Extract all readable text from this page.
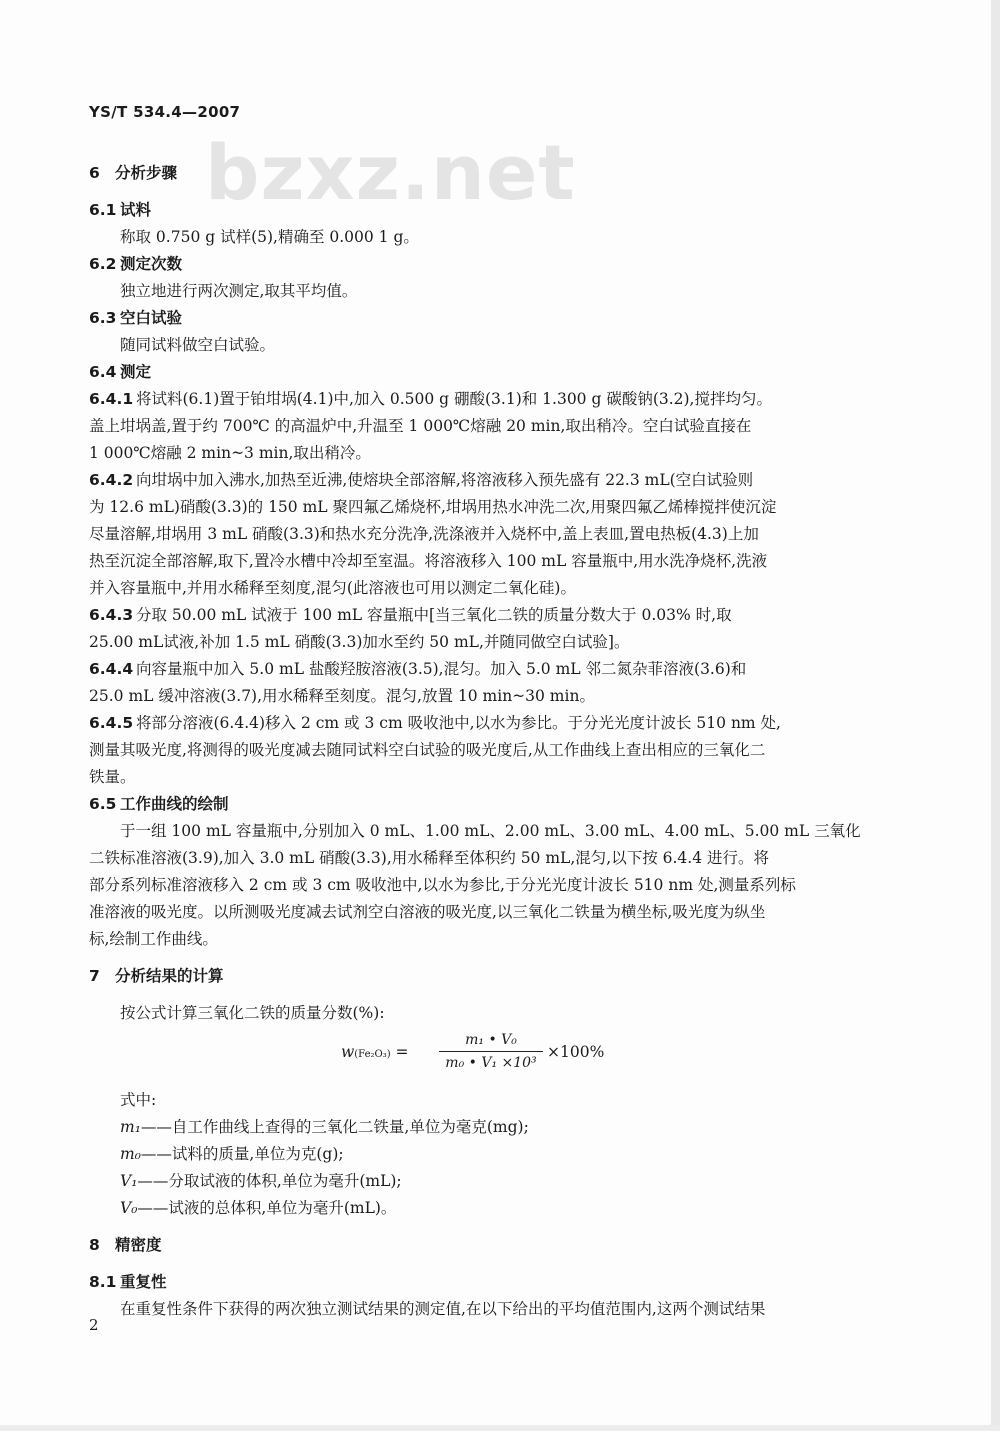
YS/T 534.4—2007
bzxz.net
6 分析步骤
6.1 试料
称取 0.750 g 试样(5),精确至 0.000 1 g。
6.2 测定次数
独立地进行两次测定,取其平均值。
6.3 空白试验
随同试料做空白试验。
6.4 测定
6.4.1 将试料(6.1)置于铂坩埚(4.1)中,加入 0.500 g 硼酸(3.1)和 1.300 g 碳酸钠(3.2),搅拌均匀。
盖上坩埚盖,置于约 700℃ 的高温炉中,升温至 1 000℃熔融 20 min,取出稍冷。空白试验直接在
1 000℃熔融 2 min~3 min,取出稍冷。
6.4.2 向坩埚中加入沸水,加热至近沸,使熔块全部溶解,将溶液移入预先盛有 22.3 mL(空白试验则
为 12.6 mL)硝酸(3.3)的 150 mL 聚四氟乙烯烧杯,坩埚用热水冲洗二次,用聚四氟乙烯棒搅拌使沉淀
尽量溶解,坩埚用 3 mL 硝酸(3.3)和热水充分洗净,洗涤液并入烧杯中,盖上表皿,置电热板(4.3)上加
热至沉淀全部溶解,取下,置冷水槽中冷却至室温。将溶液移入 100 mL 容量瓶中,用水洗净烧杯,洗液
并入容量瓶中,并用水稀释至刻度,混匀(此溶液也可用以测定二氧化硅)。
6.4.3 分取 50.00 mL 试液于 100 mL 容量瓶中[当三氧化二铁的质量分数大于 0.03% 时,取
25.00 mL试液,补加 1.5 mL 硝酸(3.3)加水至约 50 mL,并随同做空白试验]。
6.4.4 向容量瓶中加入 5.0 mL 盐酸羟胺溶液(3.5),混匀。加入 5.0 mL 邻二氮杂菲溶液(3.6)和
25.0 mL 缓冲溶液(3.7),用水稀释至刻度。混匀,放置 10 min~30 min。
6.4.5 将部分溶液(6.4.4)移入 2 cm 或 3 cm 吸收池中,以水为参比。于分光光度计波长 510 nm 处,
测量其吸光度,将测得的吸光度减去随同试料空白试验的吸光度后,从工作曲线上查出相应的三氧化二
铁量。
6.5 工作曲线的绘制
于一组 100 mL 容量瓶中,分别加入 0 mL、1.00 mL、2.00 mL、3.00 mL、4.00 mL、5.00 mL 三氧化
二铁标准溶液(3.9),加入 3.0 mL 硝酸(3.3),用水稀释至体积约 50 mL,混匀,以下按 6.4.4 进行。将
部分系列标准溶液移入 2 cm 或 3 cm 吸收池中,以水为参比,于分光光度计波长 510 nm 处,测量系列标
准溶液的吸光度。以所测吸光度减去试剂空白溶液的吸光度,以三氧化二铁量为横坐标,吸光度为纵坐
标,绘制工作曲线。
7 分析结果的计算
按公式计算三氧化二铁的质量分数(%):
w(Fe₂O₃) =
m₁ • V₀
m₀ • V₁ ×10³
×100%
式中:
m₁——自工作曲线上查得的三氧化二铁量,单位为毫克(mg);
m₀——试料的质量,单位为克(g);
V₁——分取试液的体积,单位为毫升(mL);
V₀——试液的总体积,单位为毫升(mL)。
8 精密度
8.1 重复性
在重复性条件下获得的两次独立测试结果的测定值,在以下给出的平均值范围内,这两个测试结果
2
